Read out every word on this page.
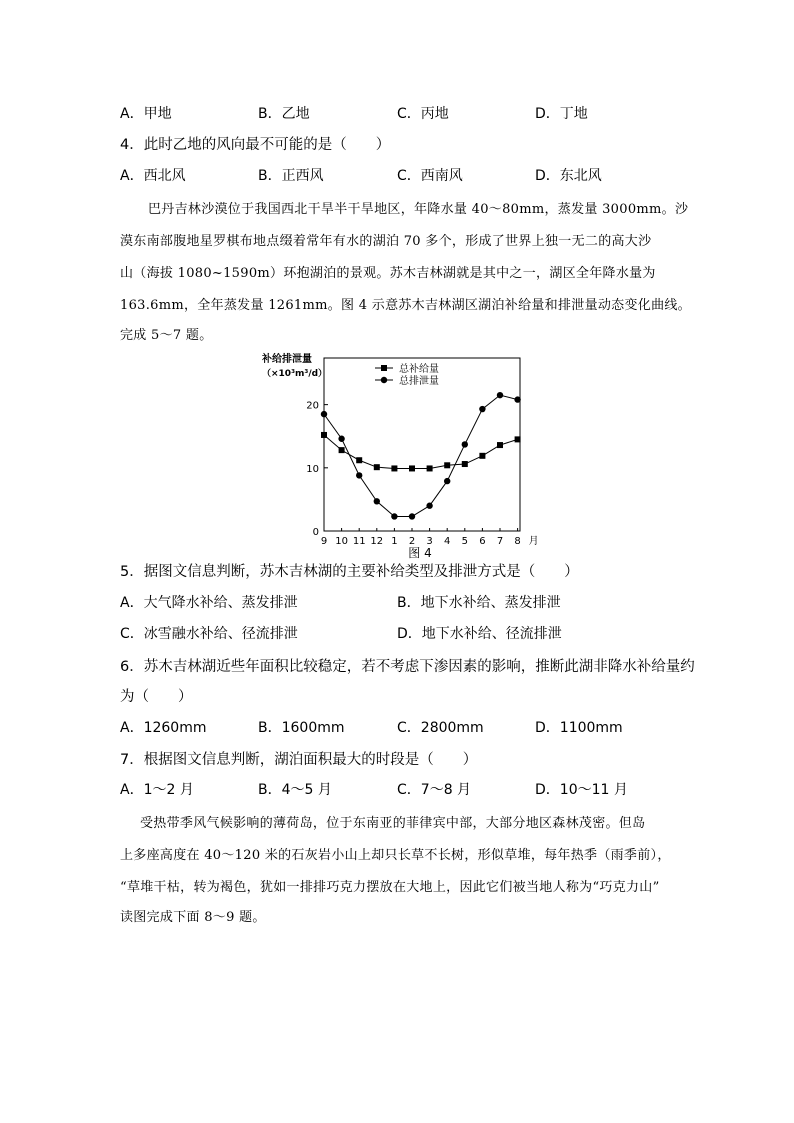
A．甲地	B．乙地	C．丙地	D．丁地
4．此时乙地的风向最不可能的是（　　）
A．西北风	B．正西风	C．西南风	D．东北风
巴丹吉林沙漠位于我国西北干旱半干旱地区，年降水量 40～80mm，蒸发量 3000mm。沙
漠东南部腹地星罗棋布地点缀着常年有水的湖泊 70 多个，形成了世界上独一无二的高大沙
山（海拔 1080~1590m）环抱湖泊的景观。苏木吉林湖就是其中之一，湖区全年降水量为
163.6mm，全年蒸发量 1261mm。图 4 示意苏木吉林湖区湖泊补给量和排泄量动态变化曲线。
完成 5～7 题。
补给排泄量
（×10³m³/d）
0
10
20
9 10 11 12 1 2 3 4 5 6 7 8 月
总补给量
总排泄量
图 4
5．据图文信息判断，苏木吉林湖的主要补给类型及排泄方式是（　　）
A．大气降水补给、蒸发排泄	B．地下水补给、蒸发排泄
C．冰雪融水补给、径流排泄	D．地下水补给、径流排泄
6．苏木吉林湖近些年面积比较稳定，若不考虑下渗因素的影响，推断此湖非降水补给量约
为（　　）
A．1260mm	B．1600mm	C．2800mm	D．1100mm
7．根据图文信息判断，湖泊面积最大的时段是（　　）
A．1～2 月	B．4～5 月	C．7～8 月	D．10～11 月
受热带季风气候影响的薄荷岛，位于东南亚的菲律宾中部，大部分地区森林茂密。但岛
上多座高度在 40～120 米的石灰岩小山上却只长草不长树，形似草堆，每年热季（雨季前），
“草堆干枯，转为褐色，犹如一排排巧克力摆放在大地上，因此它们被当地人称为“巧克力山”
读图完成下面 8～9 题。
